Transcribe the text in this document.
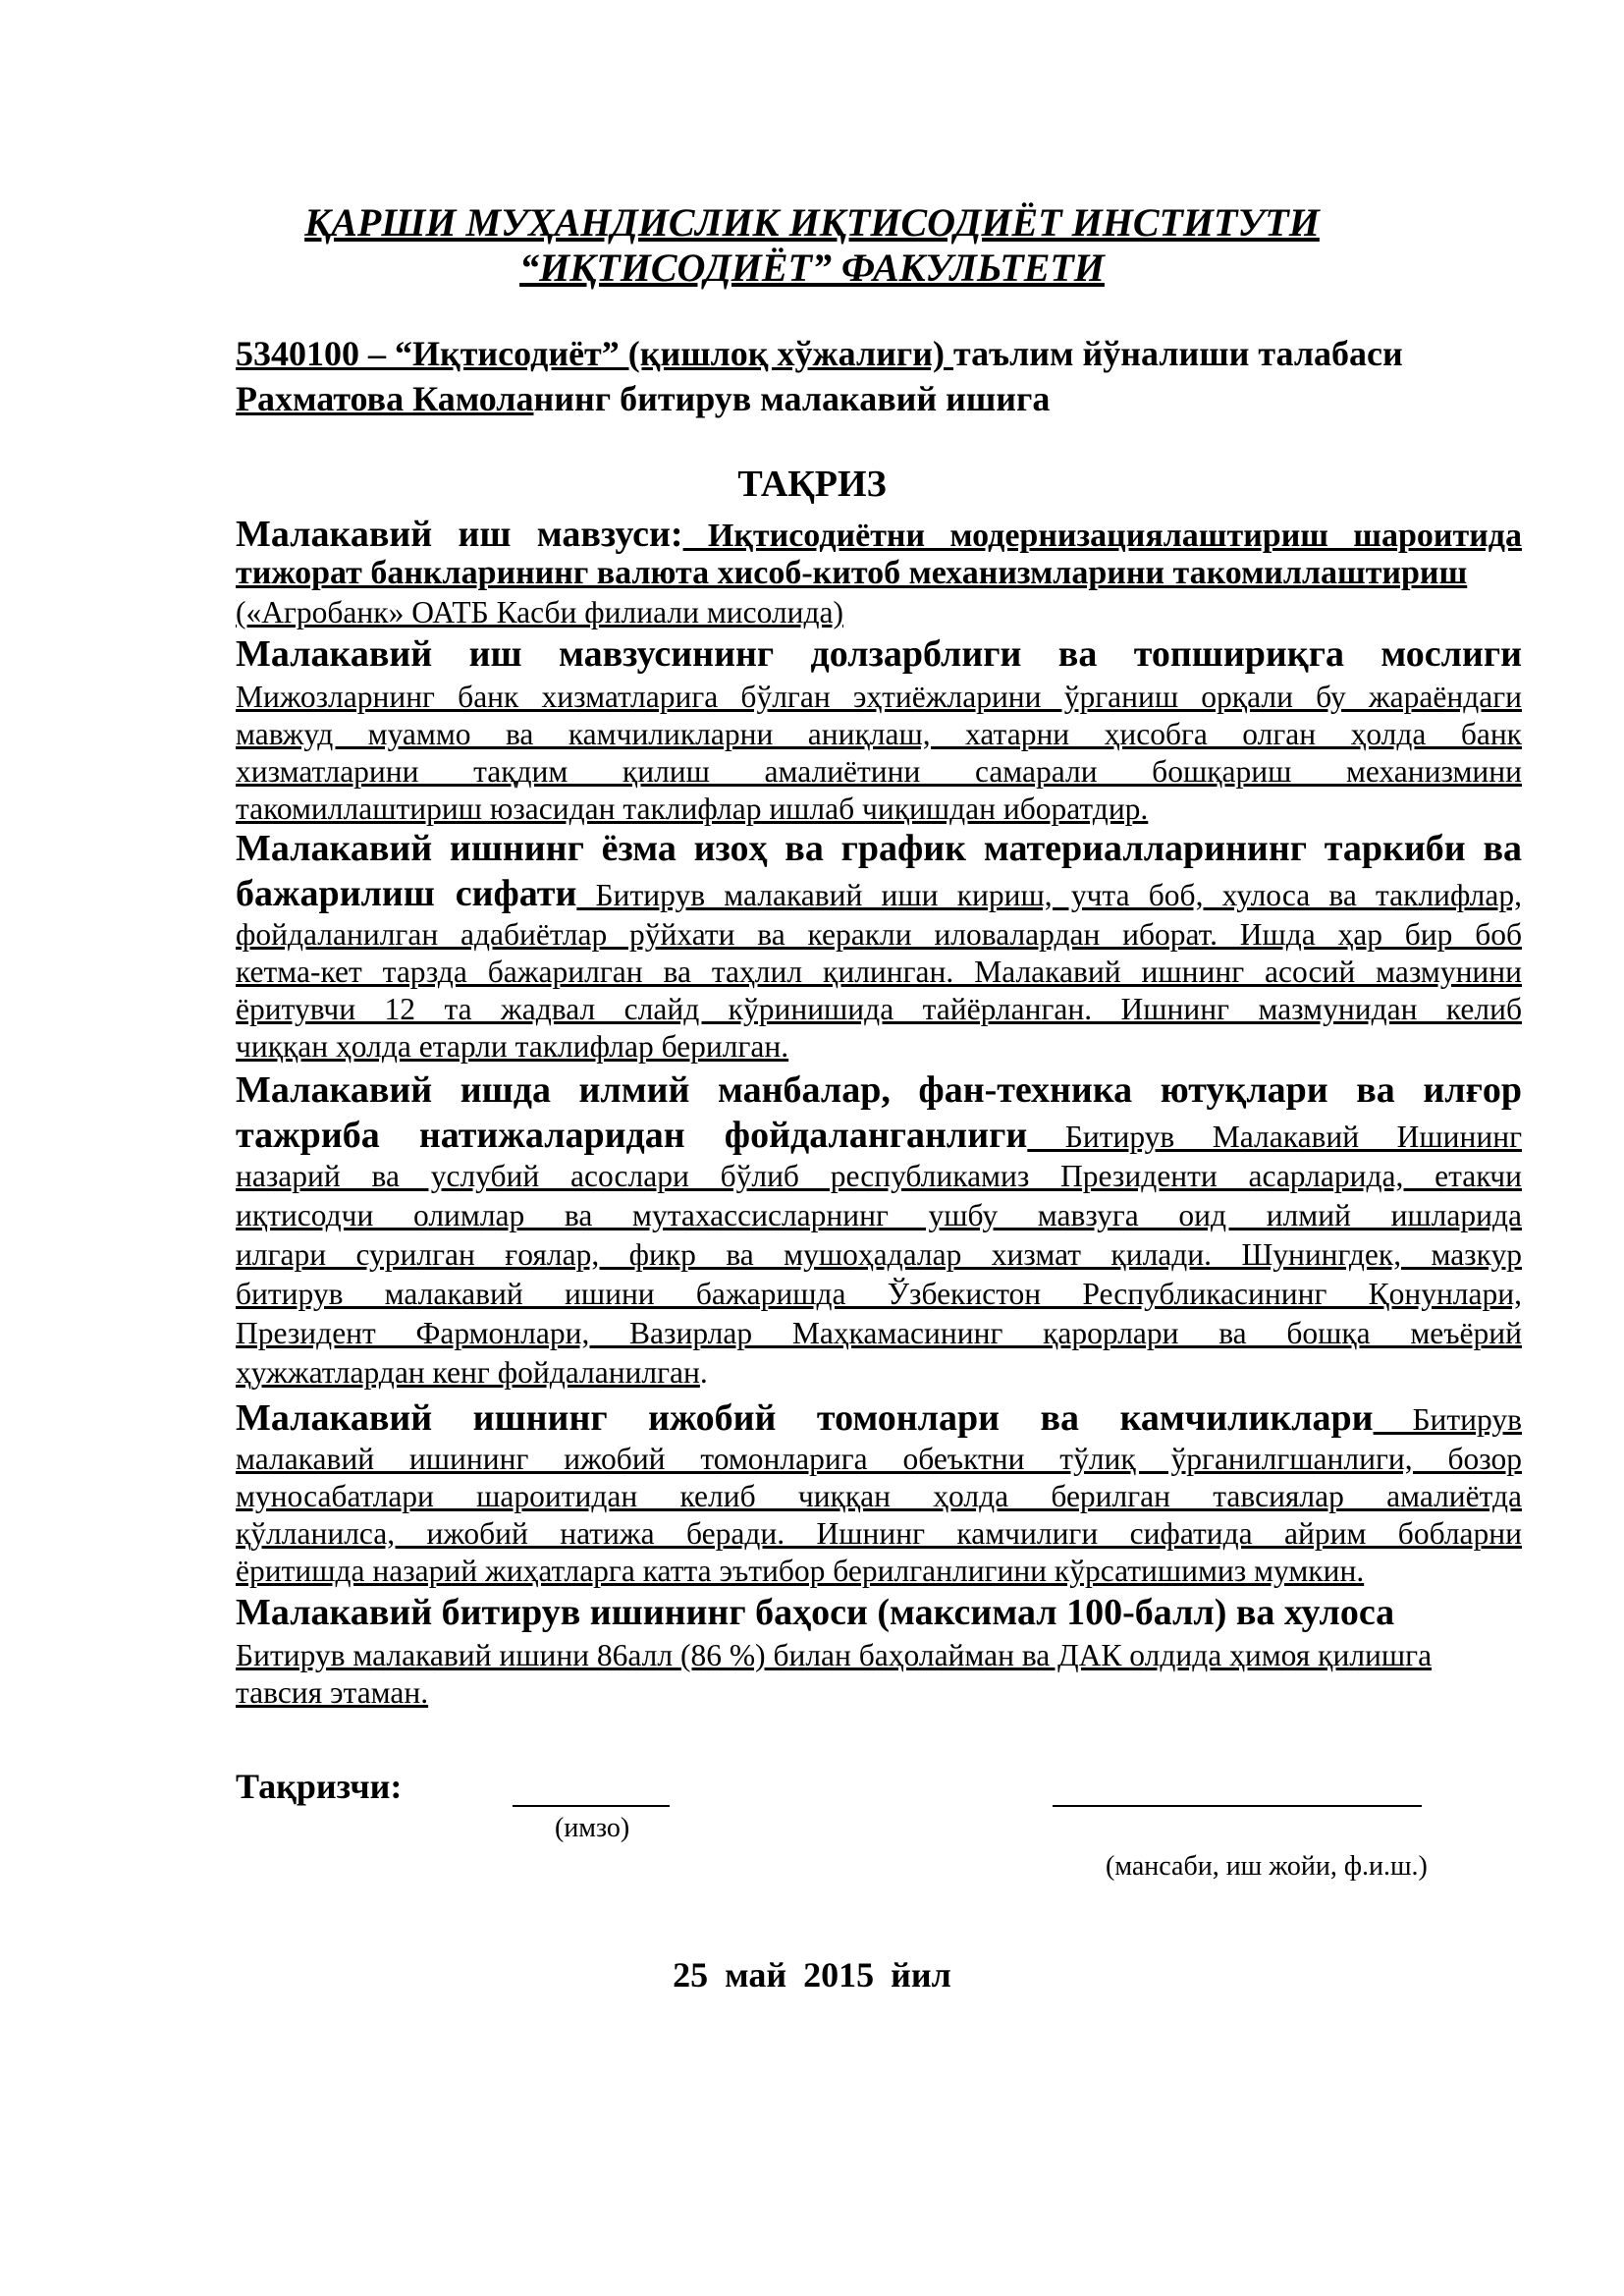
ҚАРШИ МУҲАНДИСЛИК ИҚТИСОДИЁТ ИНСТИТУТИ
“ИҚТИСОДИЁТ” ФАКУЛЬТЕТИ
5340100 – “Иқтисодиёт” (қишлоқ хўжалиги) таълим йўналиши талабаси
Рахматова Камоланинг битирув малакавий ишига
ТАҚРИЗ
Малакавий иш мавзуси: Иқтисодиётни модернизациялаштириш шароитида
тижорат банкларининг валюта хисоб-китоб механизмларини такомиллаштириш
(«Агробанк» ОАТБ Касби филиали мисолида)
Малакавий иш мавзусининг долзарблиги ва топшириқга мослиги
Мижозларнинг банк хизматларига бўлган эҳтиёжларини ўрганиш орқали бу жараёндаги
мавжуд муаммо ва камчиликларни аниқлаш, хатарни ҳисобга олган ҳолда банк
хизматларини тақдим қилиш амалиётини самарали бошқариш механизмини
такомиллаштириш юзасидан таклифлар ишлаб чиқишдан иборатдир.
Малакавий ишнинг ёзма изоҳ ва график материалларининг таркиби ва
бажарилиш сифати Битирув малакавий иши кириш, учта боб, хулоса ва таклифлар,
фойдаланилган адабиётлар рўйхати ва керакли иловалардан иборат. Ишда ҳар бир боб
кетма-кет тарзда бажарилган ва таҳлил қилинган. Малакавий ишнинг асосий мазмунини
ёритувчи 12 та жадвал слайд кўринишида тайёрланган. Ишнинг мазмунидан келиб
чиққан ҳолда етарли таклифлар берилган.
Малакавий ишда илмий манбалар, фан-техника ютуқлари ва илғор
тажриба натижаларидан фойдаланганлиги Битирув Малакавий Ишининг
назарий ва услубий асослари бўлиб республикамиз Президенти асарларида, етакчи
иқтисодчи олимлар ва мутахассисларнинг ушбу мавзуга оид илмий ишларида
илгари сурилган ғоялар, фикр ва мушоҳадалар хизмат қилади. Шунингдек, мазкур
битирув малакавий ишини бажаришда Ўзбекистон Республикасининг Қонунлари,
Президент Фармонлари, Вазирлар Маҳкамасининг қарорлари ва бошқа меъёрий
ҳужжатлардан кенг фойдаланилган.
Малакавий ишнинг ижобий томонлари ва камчиликлари Битирув
малакавий ишининг ижобий томонларига обеъктни тўлиқ ўрганилгшанлиги, бозор
муносабатлари шароитидан келиб чиққан ҳолда берилган тавсиялар амалиётда
қўлланилса, ижобий натижа беради. Ишнинг камчилиги сифатида айрим бобларни
ёритишда назарий жиҳатларга катта эътибор берилганлигини кўрсатишимиз мумкин.
Малакавий битирув ишининг баҳоси (максимал 100-балл) ва хулоса
Битирув малакавий ишини 86алл (86 %) билан баҳолайман ва ДАК олдида ҳимоя қилишга
тавсия этаман.
Тақризчи:
(имзо)
(мансаби, иш жойи, ф.и.ш.)
25 май 2015 йил
